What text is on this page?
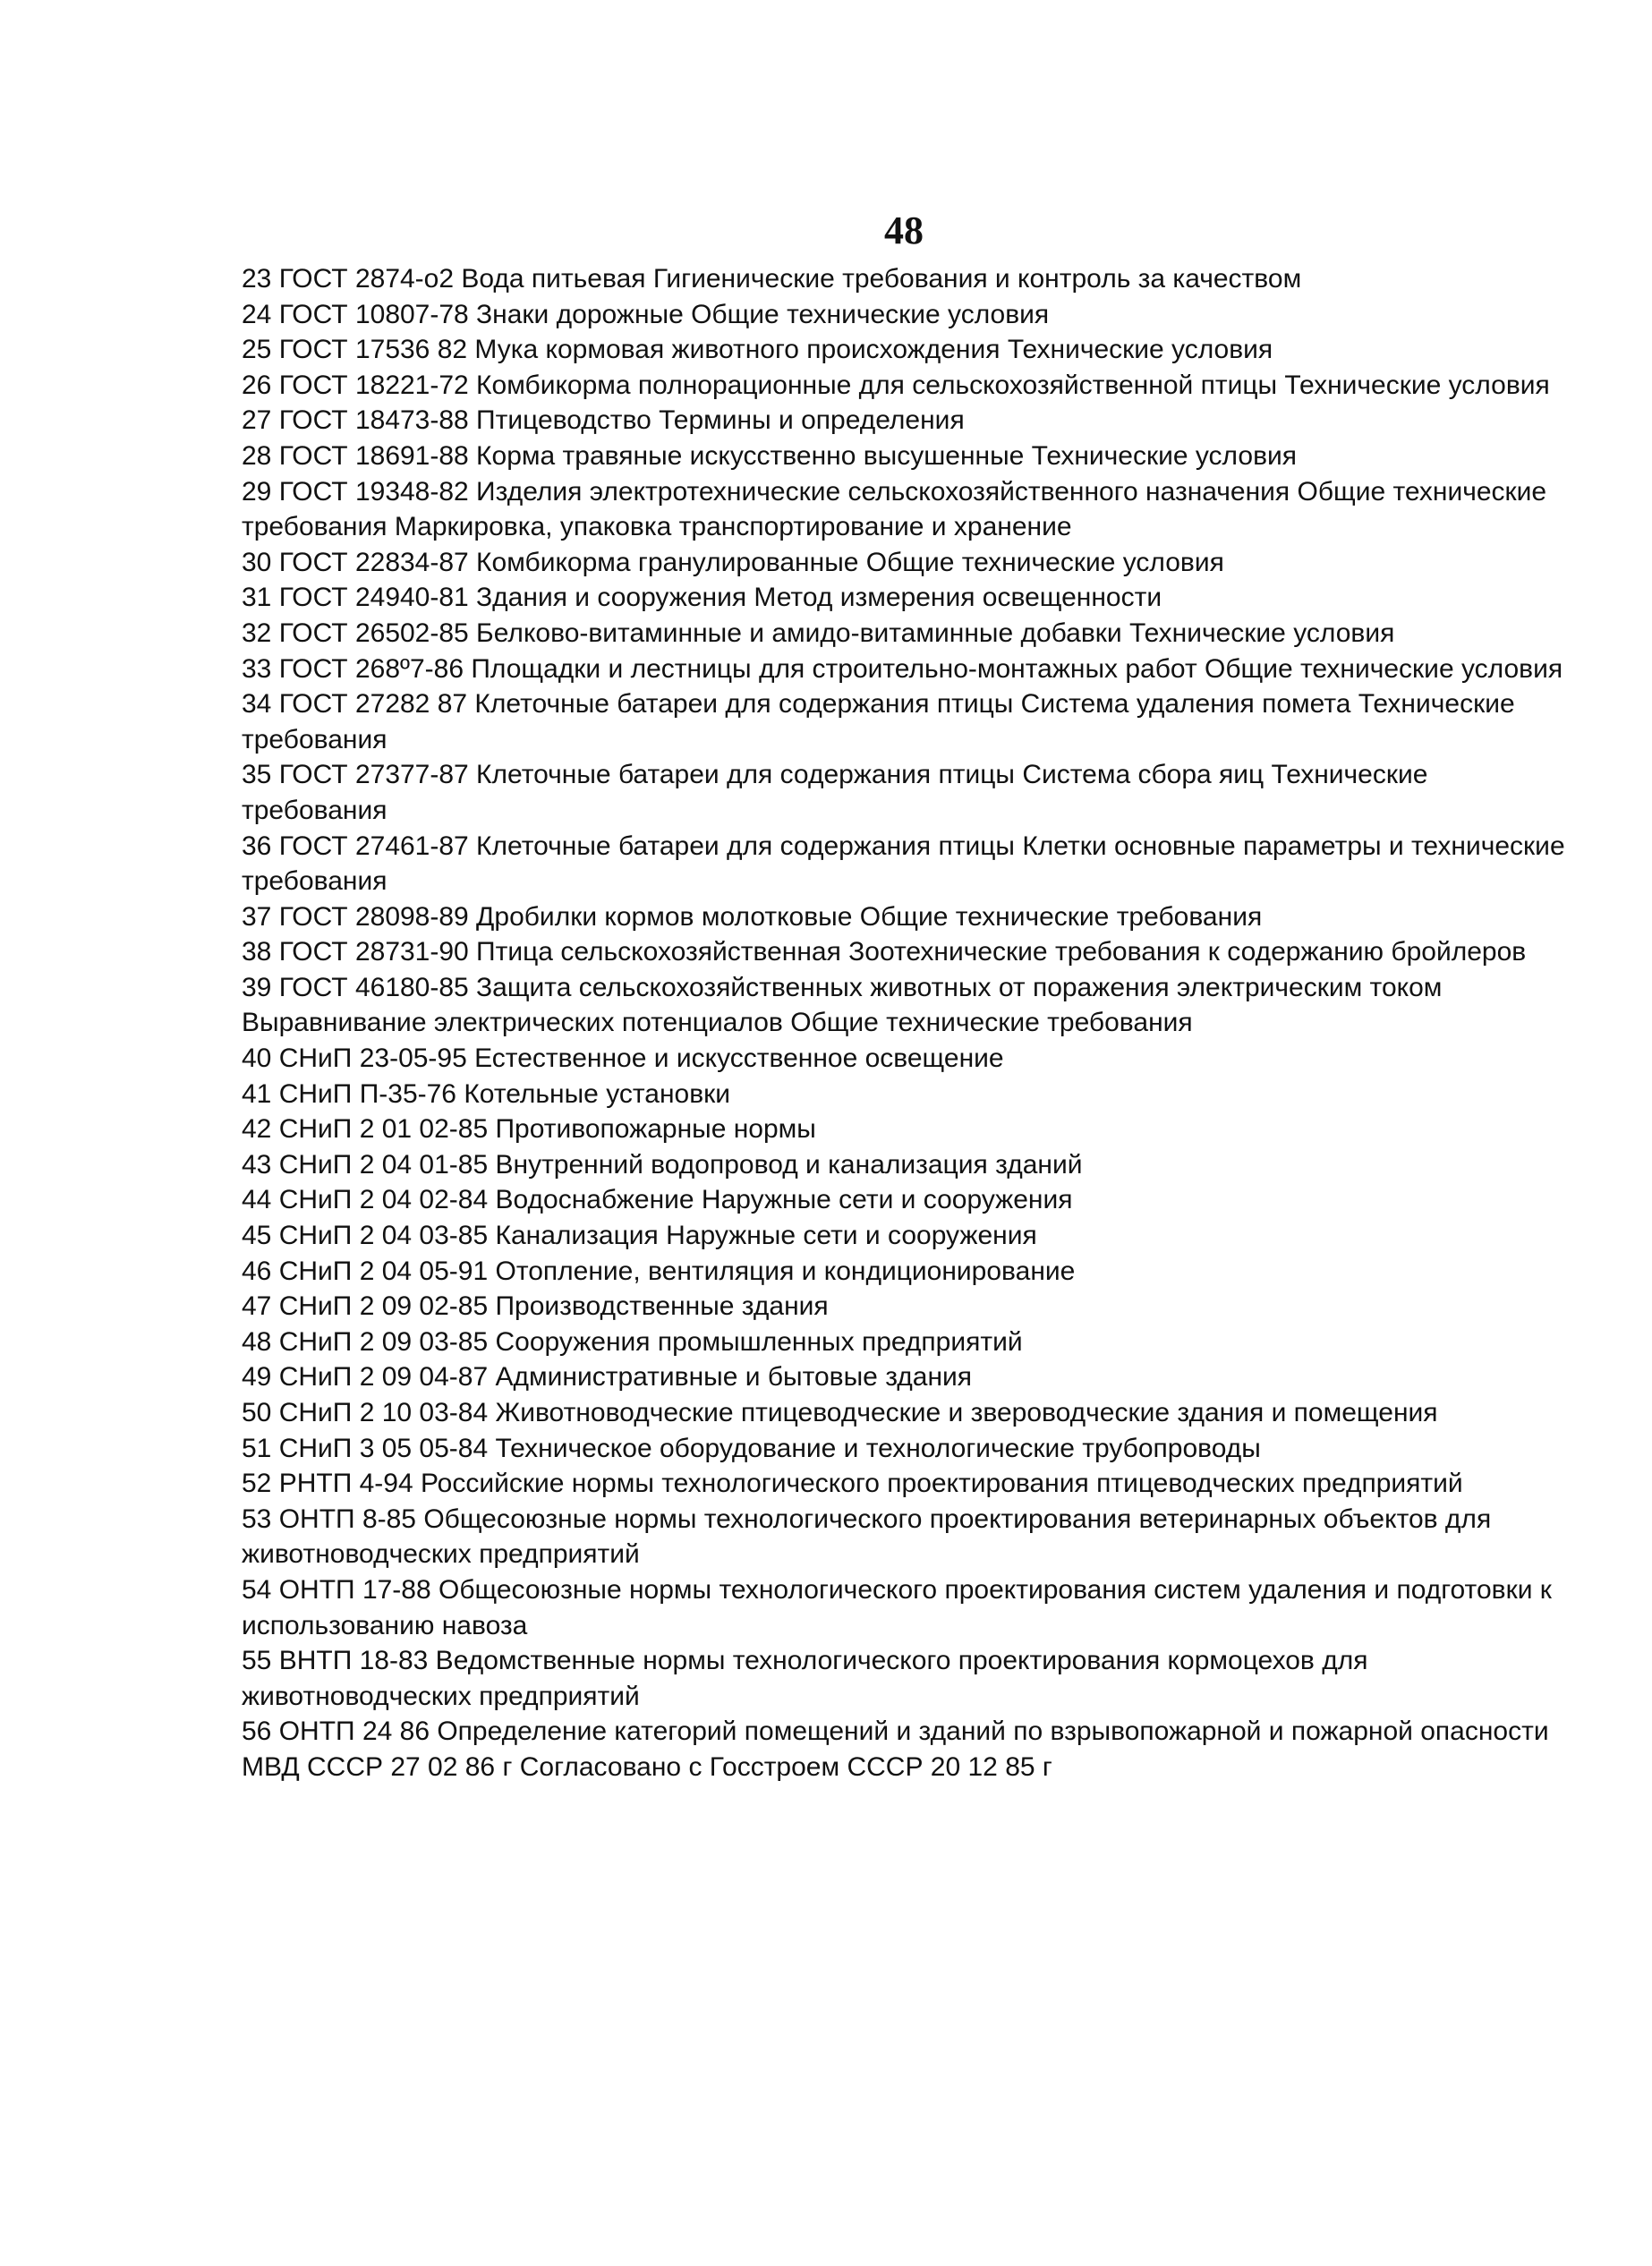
48
23 ГОСТ 2874-о2 Вода питьевая Гигиенические требования и контроль за качеством
24 ГОСТ 10807-78 Знаки дорожные Общие технические условия
25 ГОСТ 17536 82 Мука кормовая животного происхождения Технические условия
26 ГОСТ 18221-72 Комбикорма полнорационные для сельскохозяйственной птицы Технические условия
27 ГОСТ 18473-88 Птицеводство Термины и определения
28 ГОСТ 18691-88 Корма травяные искусственно высушенные Технические условия
29 ГОСТ 19348-82 Изделия электротехнические сельскохозяйственного назначения Общие технические требования Маркировка, упаковка транспортирование и хранение
30 ГОСТ 22834-87 Комбикорма гранулированные Общие технические условия
31 ГОСТ 24940-81 Здания и сооружения Метод измерения освещенности
32 ГОСТ 26502-85 Белково-витаминные и амидо-витаминные добавки Технические условия
33 ГОСТ 268º7-86 Площадки и лестницы для строительно-монтажных работ Общие технические условия
34 ГОСТ 27282 87 Клеточные батареи для содержания птицы Система удаления помета Технические требования
35 ГОСТ 27377-87 Клеточные батареи для содержания птицы Система сбора яиц Технические требования
36 ГОСТ 27461-87 Клеточные батареи для содержания птицы Клетки основные параметры и технические требования
37 ГОСТ 28098-89 Дробилки кормов молотковые Общие технические требования
38 ГОСТ 28731-90 Птица сельскохозяйственная Зоотехнические требования к содержанию бройлеров
39 ГОСТ 46180-85 Защита сельскохозяйственных животных от поражения электрическим током Выравнивание электрических потенциалов Общие технические требования
40 СНиП 23-05-95 Естественное и искусственное освещение
41 СНиП П-35-76 Котельные установки
42 СНиП 2 01 02-85 Противопожарные нормы
43 СНиП 2 04 01-85 Внутренний водопровод и канализация зданий
44 СНиП 2 04 02-84 Водоснабжение Наружные сети и сооружения
45 СНиП 2 04 03-85 Канализация Наружные сети и сооружения
46 СНиП 2 04 05-91 Отопление, вентиляция и кондиционирование
47 СНиП 2 09 02-85 Производственные здания
48 СНиП 2 09 03-85 Сооружения промышленных предприятий
49 СНиП 2 09 04-87 Административные и бытовые здания
50 СНиП 2 10 03-84 Животноводческие птицеводческие и звероводческие здания и помещения
51 СНиП 3 05 05-84 Техническое оборудование и технологические трубопроводы
52 РНТП 4-94 Российские нормы технологического проектирования птицеводческих предприятий
53 ОНТП 8-85 Общесоюзные нормы технологического проектирования ветеринарных объектов для животноводческих предприятий
54 ОНТП 17-88 Общесоюзные нормы технологического проектирования систем удаления и подготовки к использованию навоза
55 ВНТП 18-83 Ведомственные нормы технологического проектирования кормоцехов для животноводческих предприятий
56 ОНТП 24 86 Определение категорий помещений и зданий по взрывопожарной и пожарной опасности МВД СССР 27 02 86 г Согласовано с Госстроем СССР 20 12 85 г
